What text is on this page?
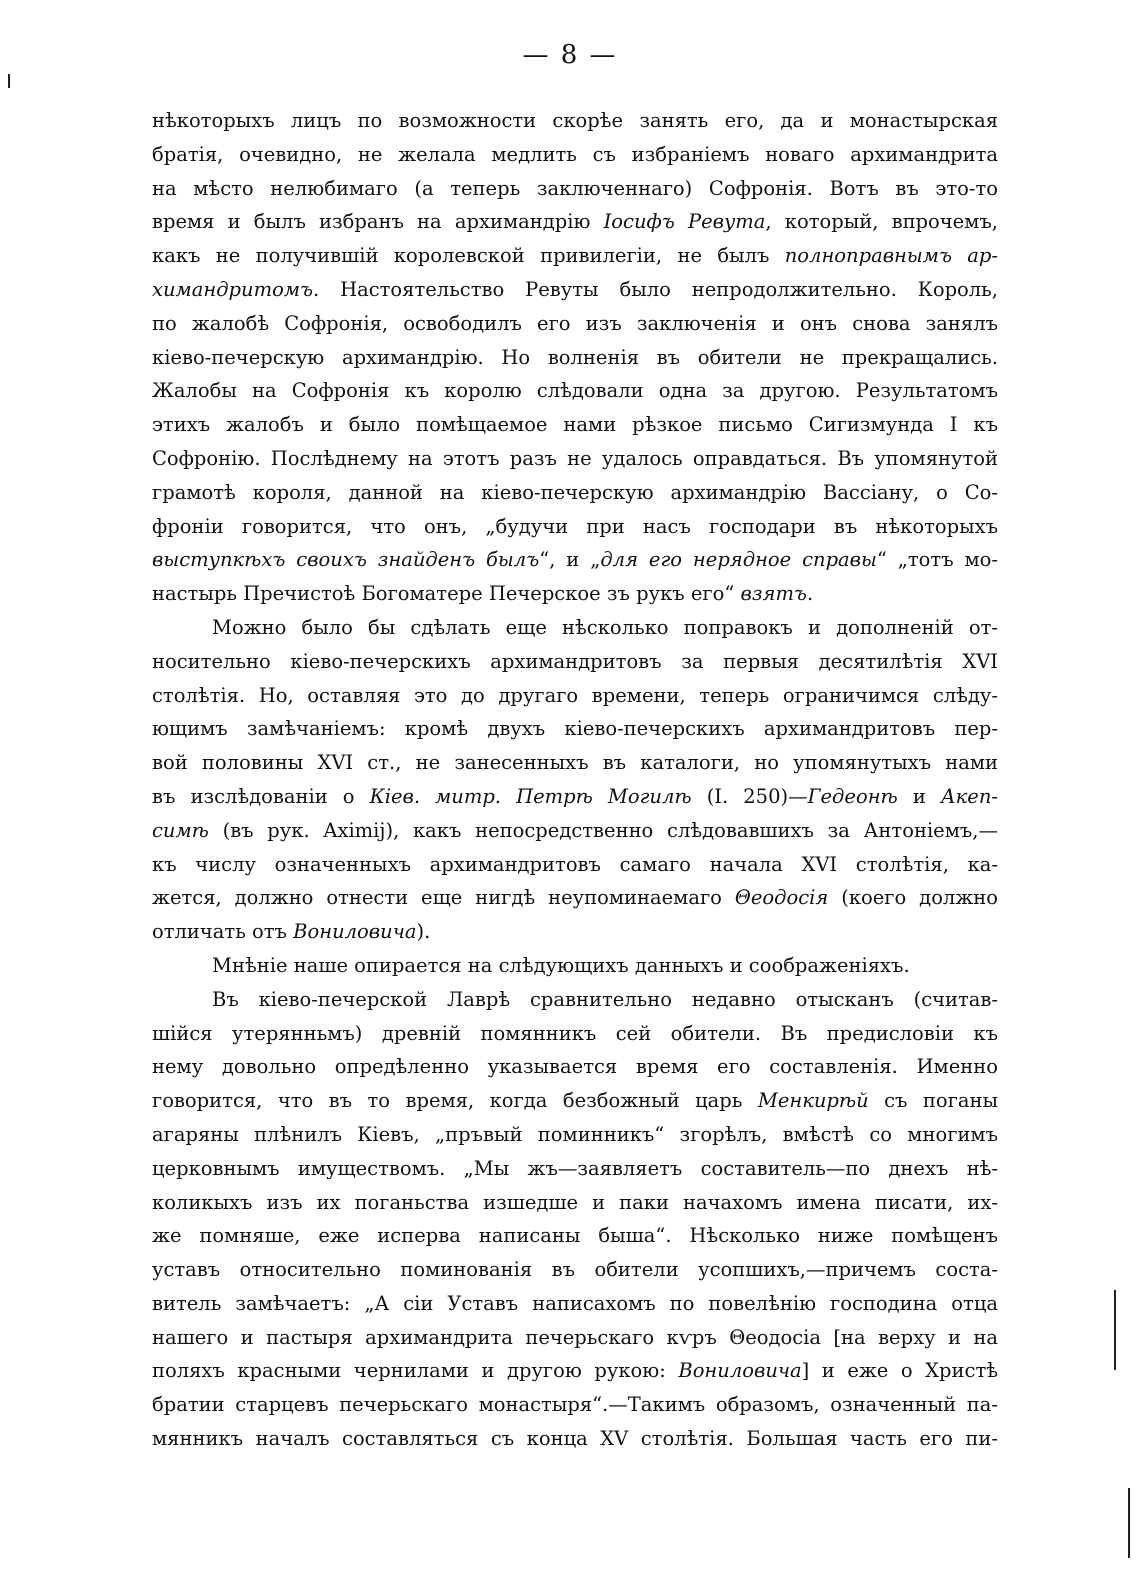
— 8 —
нѣкоторыхъ лицъ по возможности скорѣе занять его, да и монастырская
братія, очевидно, не желала медлить съ избраніемъ новаго архимандрита
на мѣсто нелюбимаго (а теперь заключеннаго) Софронія. Вотъ въ это-то
время и былъ избранъ на архимандрію Іосифъ Ревута, который, впрочемъ,
какъ не получившій королевской привилегіи, не былъ полноправнымъ ар-
химандритомъ. Настоятельство Ревуты было непродолжительно. Король,
по жалобѣ Софронія, освободилъ его изъ заключенія и онъ снова занялъ
кіево-печерскую архимандрію. Но волненія въ обители не прекращались.
Жалобы на Софронія къ королю слѣдовали одна за другою. Результатомъ
этихъ жалобъ и было помѣщаемое нами рѣзкое письмо Сигизмунда I къ
Софронію. Послѣднему на этотъ разъ не удалось оправдаться. Въ упомянутой
грамотѣ короля, данной на кіево-печерскую архимандрію Вассіану, о Со-
фроніи говорится, что онъ, „будучи при насъ господари въ нѣкоторыхъ
выступкѣхъ своихъ знайденъ былъ“, и „для его нерядное справы“ „тотъ мо-
настырь Пречистоѣ Богоматере Печерское зъ рукъ его“ взятъ.
Можно было бы сдѣлать еще нѣсколько поправокъ и дополненій от-
носительно кіево-печерскихъ архимандритовъ за первыя десятилѣтія XVI
столѣтія. Но, оставляя это до другаго времени, теперь ограничимся слѣду-
ющимъ замѣчаніемъ: кромѣ двухъ кіево-печерскихъ архимандритовъ пер-
вой половины XVI ст., не занесенныхъ въ каталоги, но упомянутыхъ нами
въ изслѣдованіи о Кіев. митр. Петрѣ Могилѣ (I. 250)—Гедеонѣ и Акеп-
симѣ (въ рук. Aximij), какъ непосредственно слѣдовавшихъ за Антоніемъ,—
къ числу означенныхъ архимандритовъ самаго начала XVI столѣтія, ка-
жется, должно отнести еще нигдѣ неупоминаемаго Θеодосія (коего должно
отличать отъ Вониловича).
Мнѣніе наше опирается на слѣдующихъ данныхъ и соображеніяхъ.
Въ кіево-печерской Лаврѣ сравнительно недавно отысканъ (считав-
шійся утерянньмъ) древній помянникъ сей обители. Въ предисловіи къ
нему довольно опредѣленно указывается время его составленія. Именно
говорится, что въ то время, когда безбожный царь Менкирѣй съ поганы
агаряны плѣнилъ Кіевъ, „пръвый поминникъ“ згорѣлъ, вмѣстѣ со многимъ
церковнымъ имуществомъ. „Мы жъ—заявляетъ составитель—по днехъ нѣ-
коликыхъ изъ их поганьства изшедше и паки начахомъ имена писати, их-
же помняше, еже исперва написаны быша“. Нѣсколько ниже помѣщенъ
уставъ относительно поминованія въ обители усопшихъ,—причемъ соста-
витель замѣчаетъ: „А сіи Уставъ написахомъ по повелѣнію господина отца
нашего и пастыря архимандрита печерьскаго кѵръ Θеодосіа [на верху и на
поляхъ красными чернилами и другою рукою: Вониловича] и еже о Христѣ
братии старцевъ печерьскаго монастыря“.—Такимъ образомъ, означенный па-
мянникъ началъ составляться съ конца XV столѣтія. Большая часть его пи-
